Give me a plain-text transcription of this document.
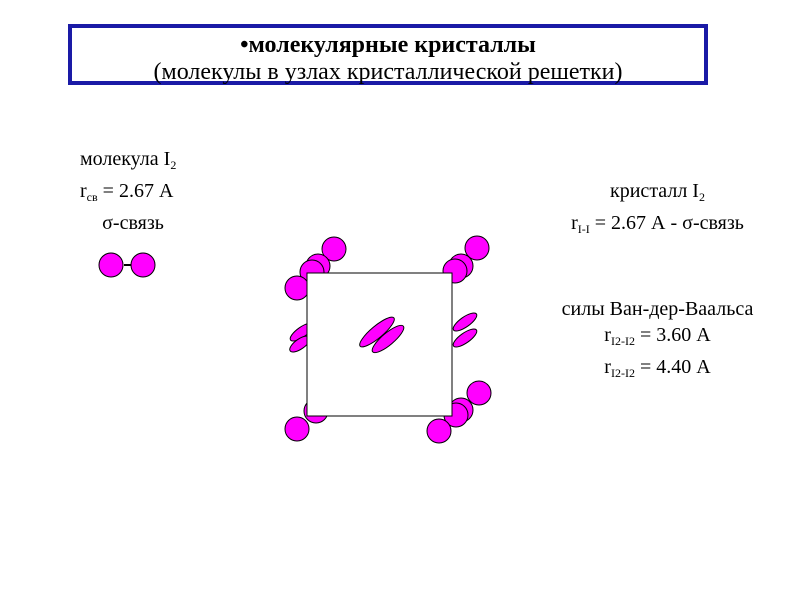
•молекулярные кристаллы
(молекулы в узлах кристаллической решетки)
молекула $I_2$
$r_{св} = 2.67$ А
σ-связь
кристалл $I_2$
$r_{I-I} = 2.67$ А - σ-связь
силы Ван-дер-Ваальса
$r_{I2-I2} = 3.60$ А
$r_{I2-I2} = 4.40$ А
